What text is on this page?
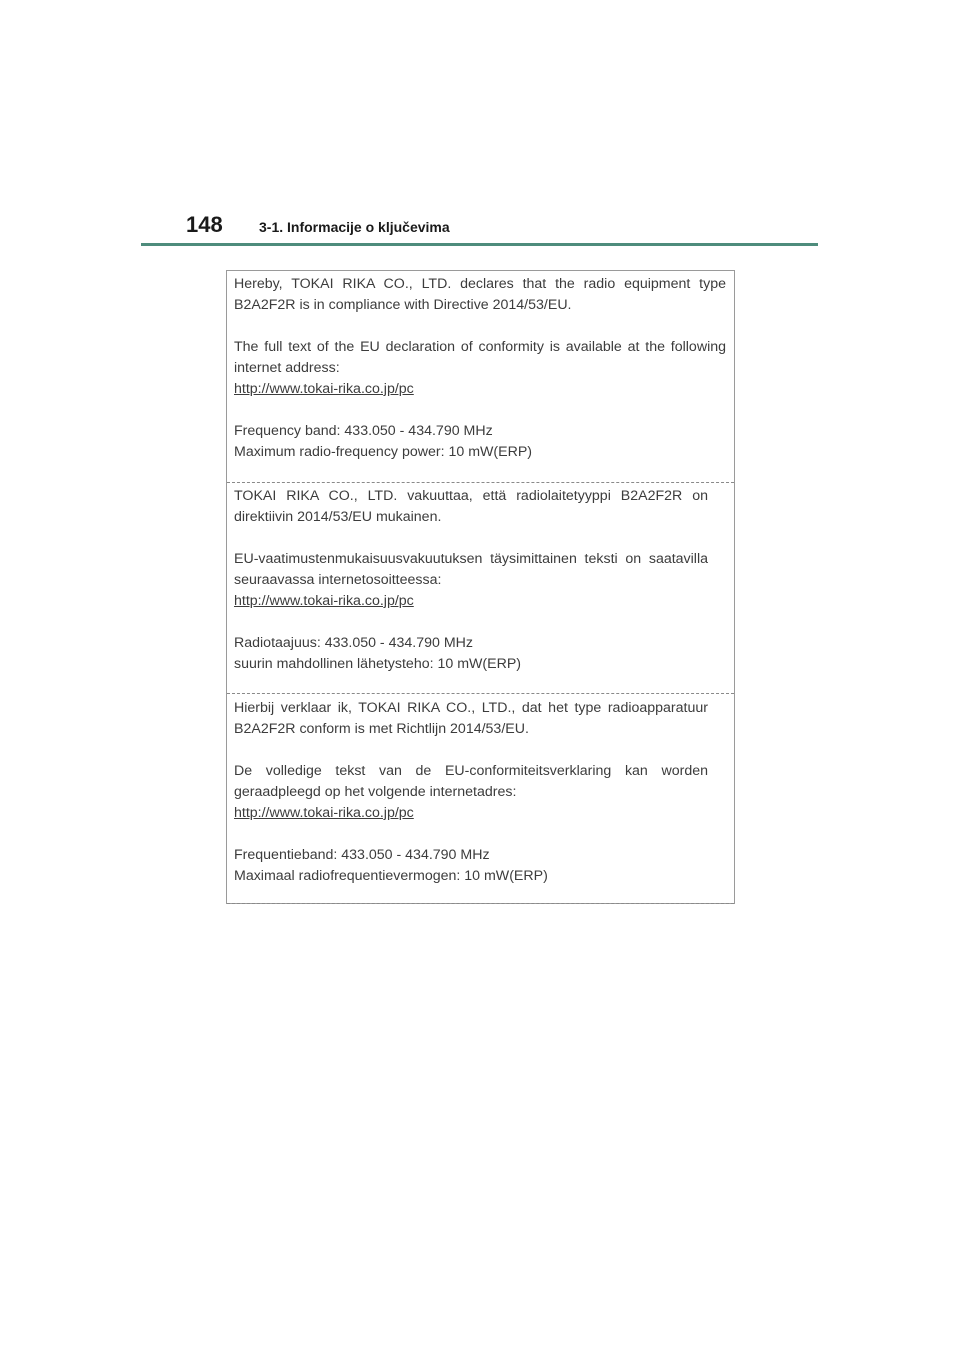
148	3-1. Informacije o ključevima

Hereby, TOKAI RIKA CO., LTD. declares that the radio equipment type B2A2F2R is in compliance with Directive 2014/53/EU.

The full text of the EU declaration of conformity is available at the following internet address:

http://www.tokai-rika.co.jp/pc

Frequency band: 433.050 - 434.790 MHz

Maximum radio-frequency power: 10 mW(ERP)

TOKAI RIKA CO., LTD. vakuuttaa, että radiolaitetyyppi B2A2F2R on direktiivin 2014/53/EU mukainen.

EU-vaatimustenmukaisuusvakuutuksen täysimittainen teksti on saatavilla seuraavassa internetosoitteessa:

http://www.tokai-rika.co.jp/pc

Radiotaajuus: 433.050 - 434.790 MHz

suurin mahdollinen lähetysteho: 10 mW(ERP)

Hierbij verklaar ik, TOKAI RIKA CO., LTD., dat het type radioapparatuur B2A2F2R conform is met Richtlijn 2014/53/EU.

De volledige tekst van de EU-conformiteitsverklaring kan worden geraadpleegd op het volgende internetadres:

http://www.tokai-rika.co.jp/pc

Frequentieband: 433.050 - 434.790 MHz

Maximaal radiofrequentievermogen: 10 mW(ERP)
